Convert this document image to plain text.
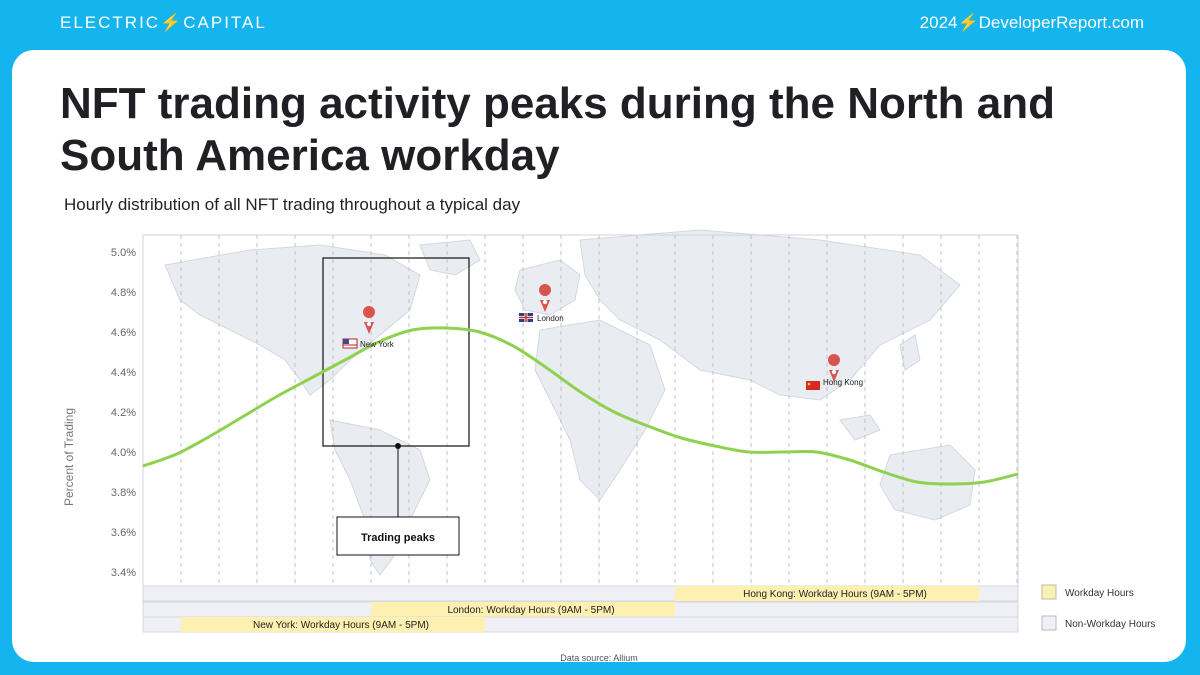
ELECTRIC⚡CAPITAL	2024⚡DeveloperReport.com
NFT trading activity peaks during the North and South America workday
Hourly distribution of all NFT trading throughout a typical day
Percent of Trading
Data source: Allium
5.0%
4.8%
4.6%
4.4%
4.2%
4.0%
3.8%
3.6%
3.4%
Trading peaks
New York
London
Hong Kong
Hong Kong: Workday Hours (9AM - 5PM)
London: Workday Hours (9AM - 5PM)
New York: Workday Hours (9AM - 5PM)
Workday Hours
Non-Workday Hours
